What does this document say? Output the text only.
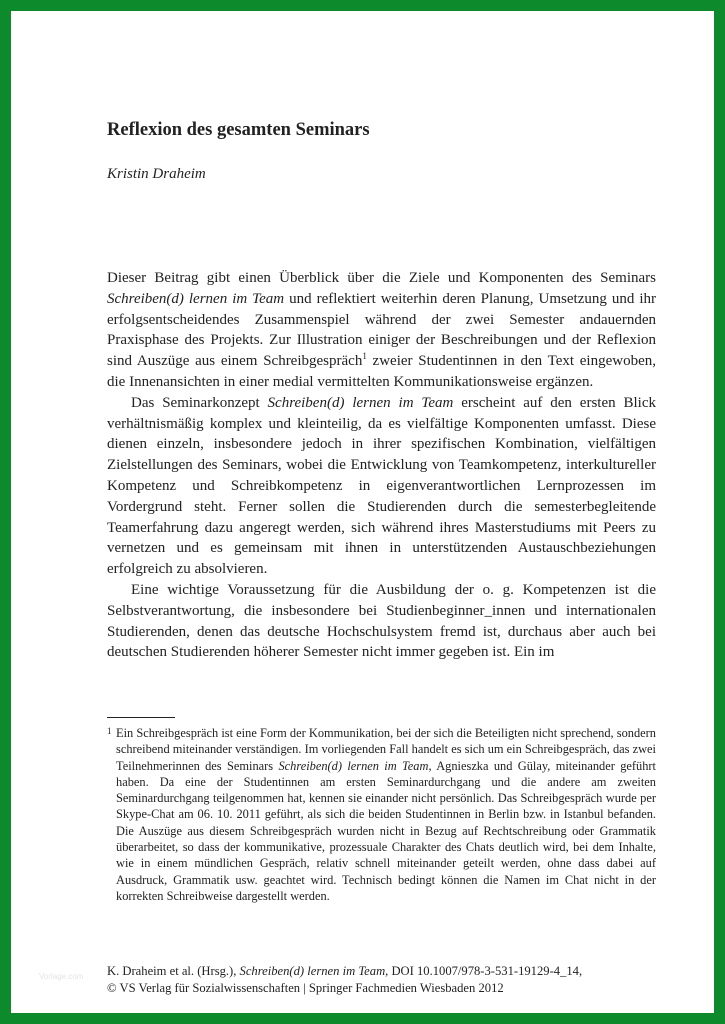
Reflexion des gesamten Seminars
Kristin Draheim

Dieser Beitrag gibt einen Überblick über die Ziele und Komponenten des Seminars Schreiben(d) lernen im Team und reflektiert weiterhin deren Planung, Umsetzung und ihr erfolgsentscheidendes Zusammenspiel während der zwei Semester andauernden Praxisphase des Projekts. Zur Illustration einiger der Beschreibungen und der Reflexion sind Auszüge aus einem Schreibgespräch$^1$ zweier Studentinnen in den Text eingewoben, die Innenansichten in einer medial vermittelten Kommunikationsweise ergänzen.

Das Seminarkonzept Schreiben(d) lernen im Team erscheint auf den ersten Blick verhältnismäßig komplex und kleinteilig, da es vielfältige Komponenten umfasst. Diese dienen einzeln, insbesondere jedoch in ihrer spezifischen Kombination, vielfältigen Zielstellungen des Seminars, wobei die Entwicklung von Teamkompetenz, interkultureller Kompetenz und Schreibkompetenz in eigenverantwortlichen Lernprozessen im Vordergrund steht. Ferner sollen die Studierenden durch die semesterbegleitende Teamerfahrung dazu angeregt werden, sich während ihres Masterstudiums mit Peers zu vernetzen und es gemeinsam mit ihnen in unterstützenden Austauschbeziehungen erfolgreich zu absolvieren.

Eine wichtige Voraussetzung für die Ausbildung der o. g. Kompetenzen ist die Selbstverantwortung, die insbesondere bei Studienbeginner_innen und internationalen Studierenden, denen das deutsche Hochschulsystem fremd ist, durchaus aber auch bei deutschen Studierenden höherer Semester nicht immer gegeben ist. Ein im

1 Ein Schreibgespräch ist eine Form der Kommunikation, bei der sich die Beteiligten nicht sprechend, sondern schreibend miteinander verständigen. Im vorliegenden Fall handelt es sich um ein Schreibgespräch, das zwei Teilnehmerinnen des Seminars Schreiben(d) lernen im Team, Agnieszka und Gülay, miteinander geführt haben. Da eine der Studentinnen am ersten Seminardurchgang und die andere am zweiten Seminardurchgang teilgenommen hat, kennen sie einander nicht persönlich. Das Schreibgespräch wurde per Skype-Chat am 06. 10. 2011 geführt, als sich die beiden Studentinnen in Berlin bzw. in Istanbul befanden. Die Auszüge aus diesem Schreibgespräch wurden nicht in Bezug auf Rechtschreibung oder Grammatik überarbeitet, so dass der kommunikative, prozessuale Charakter des Chats deutlich wird, bei dem Inhalte, wie in einem mündlichen Gespräch, relativ schnell miteinander geteilt werden, ohne dass dabei auf Ausdruck, Grammatik usw. geachtet wird. Technisch bedingt können die Namen im Chat nicht in der korrekten Schreibweise dargestellt werden.

K. Draheim et al. (Hrsg.), Schreiben(d) lernen im Team, DOI 10.1007/978-3-531-19129-4_14,
© VS Verlag für Sozialwissenschaften | Springer Fachmedien Wiesbaden 2012
Vorlage.com
